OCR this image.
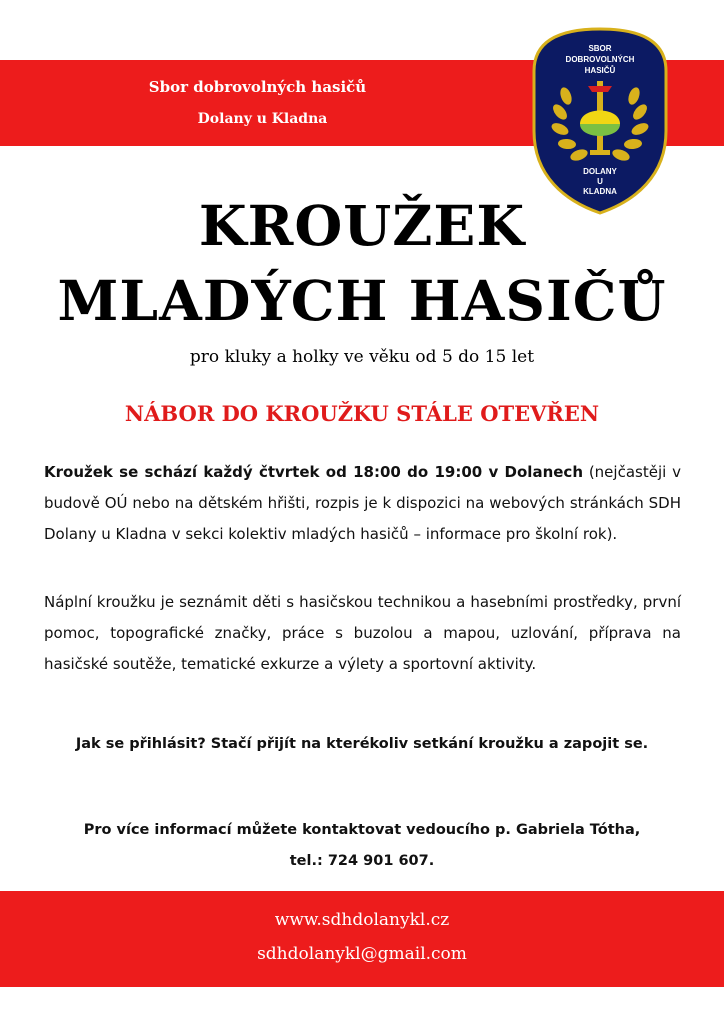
Sbor dobrovolných hasičů
Dolany u Kladna
SBOR
DOBROVOLNÝCH
HASIČŮ
DOLANY
U
KLADNA
KROUŽEK
MLADÝCH HASIČŮ
pro kluky a holky ve věku od 5 do 15 let
NÁBOR DO KROUŽKU STÁLE OTEVŘEN
Kroužek se schází každý čtvrtek od 18:00 do 19:00 v Dolanech (nejčastěji v budově OÚ nebo na dětském hřišti, rozpis je k dispozici na webových stránkách SDH Dolany u Kladna v sekci kolektiv mladých hasičů – informace pro školní rok).
Náplní kroužku je seznámit děti s hasičskou technikou a hasebními prostředky, první pomoc, topografické značky, práce s buzolou a mapou, uzlování, příprava na hasičské soutěže, tematické exkurze a výlety a sportovní aktivity.
Jak se přihlásit? Stačí přijít na kterékoliv setkání kroužku a zapojit se.
Pro více informací můžete kontaktovat vedoucího p. Gabriela Tótha,
tel.: 724 901 607.
www.sdhdolanykl.cz
sdhdolanykl@gmail.com
